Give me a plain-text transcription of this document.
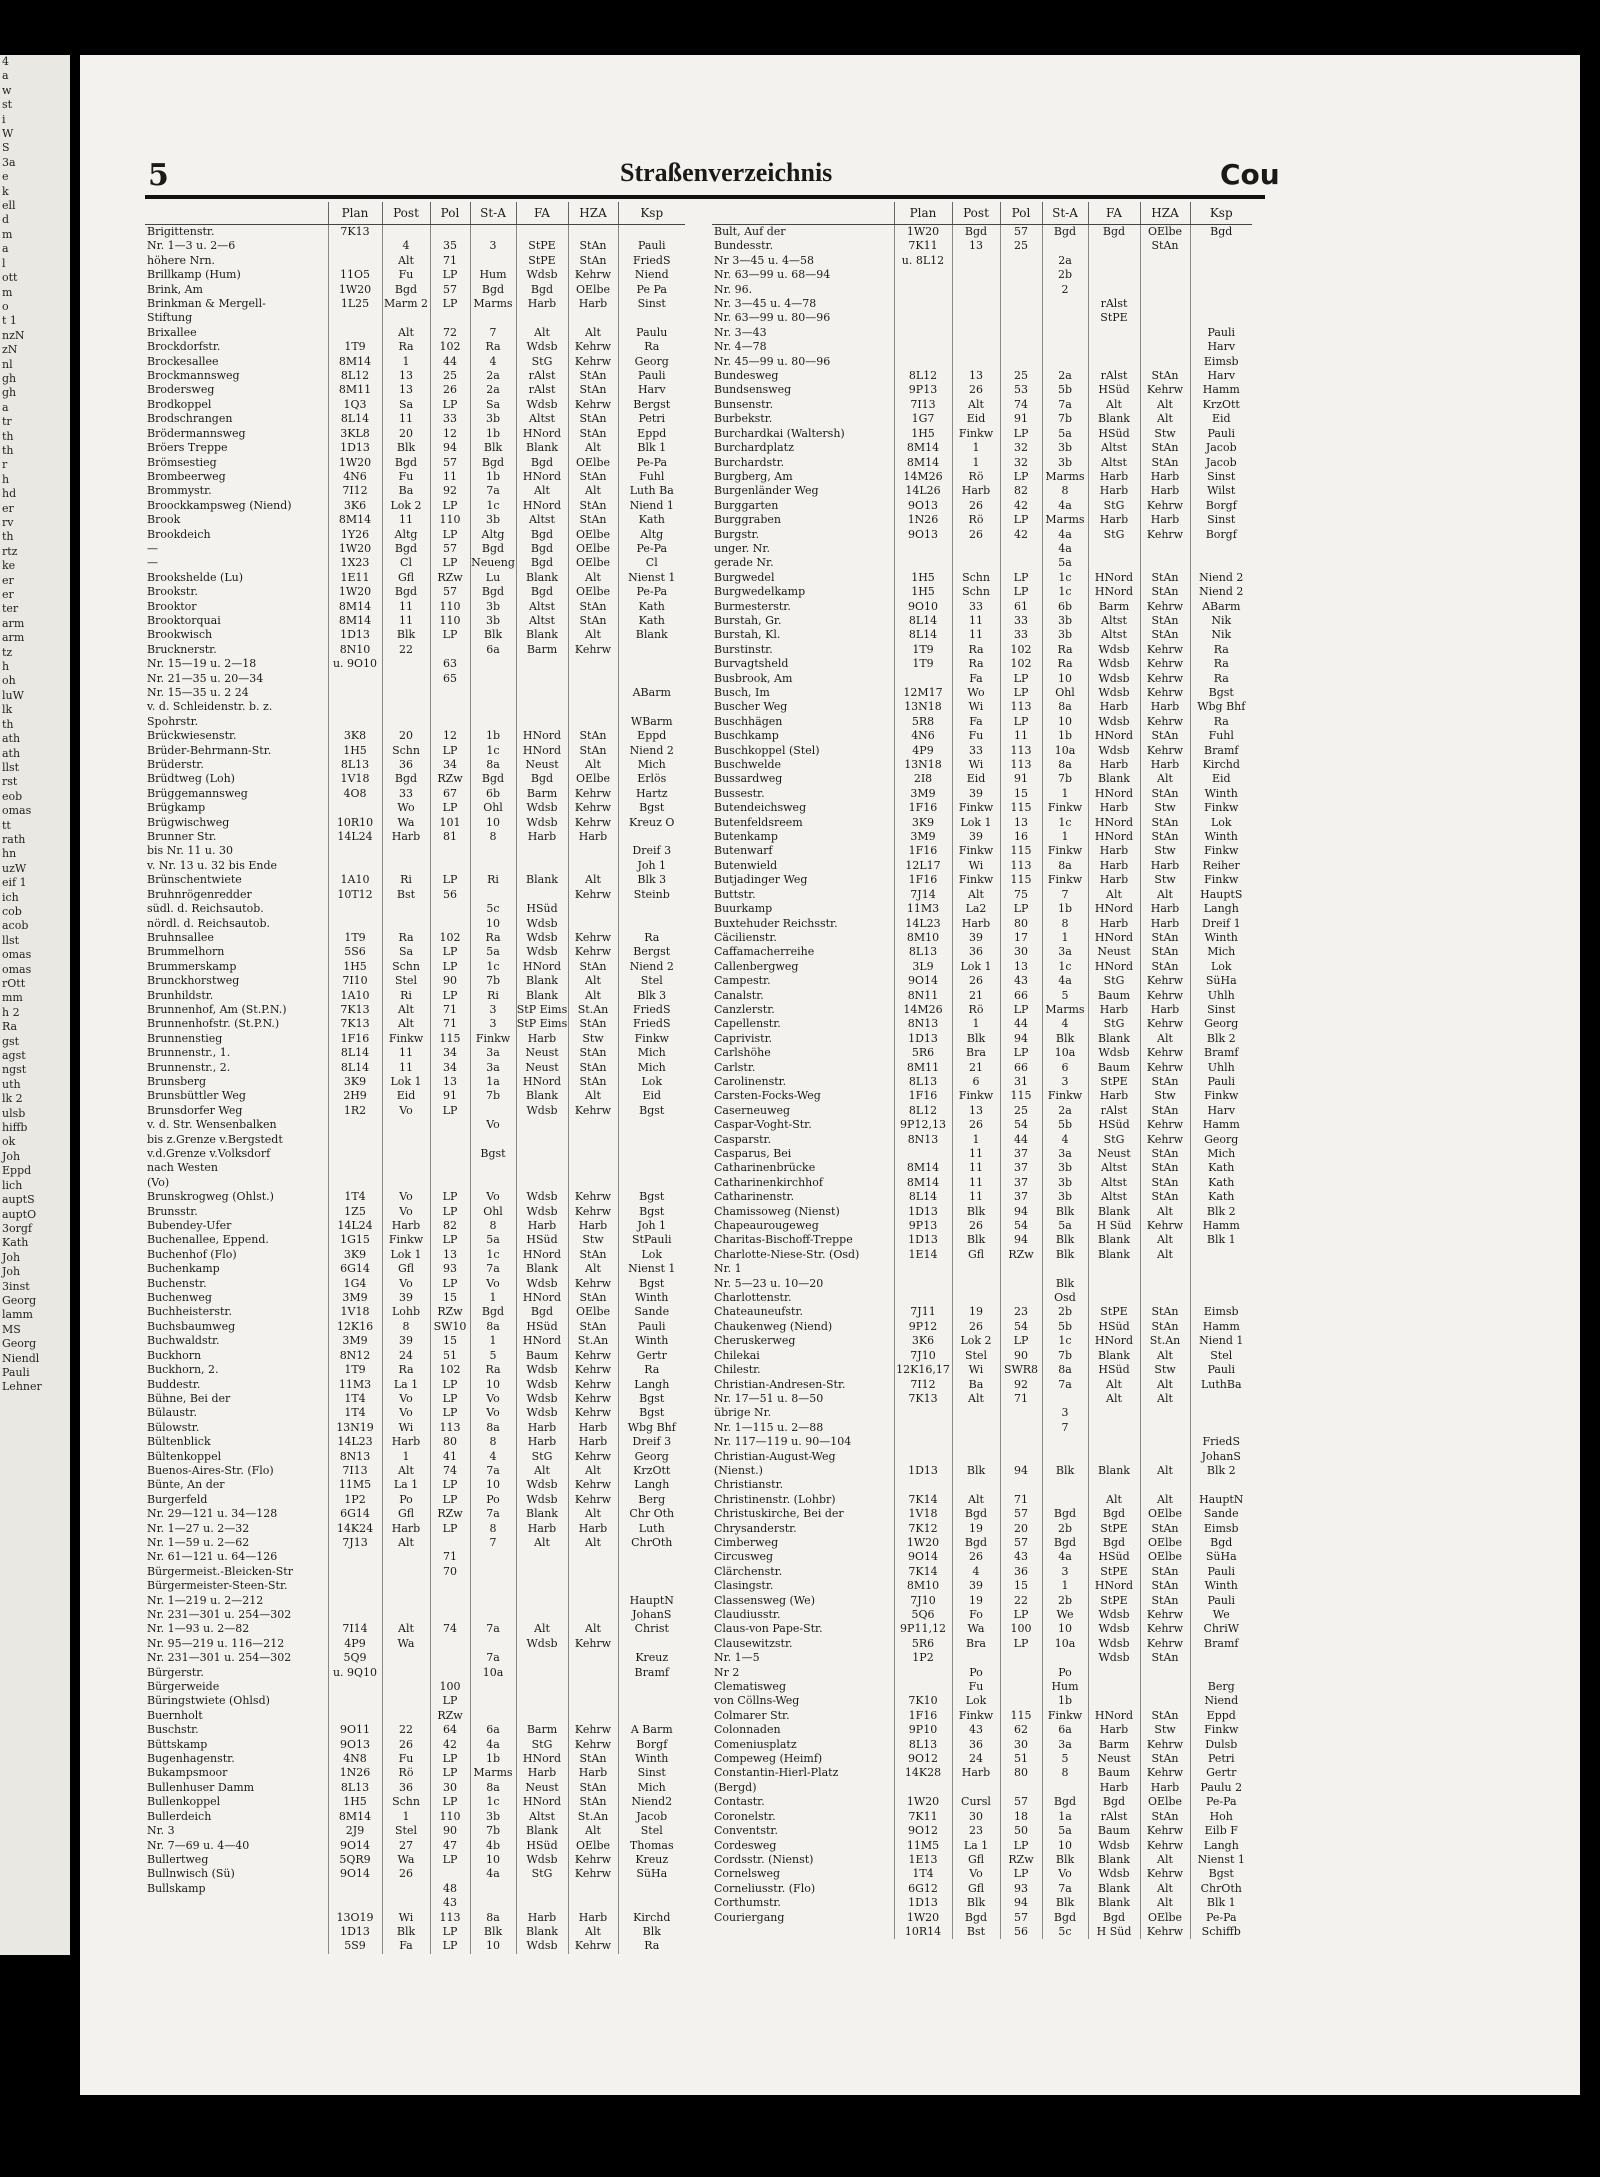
4
a
w
st
i
W
S
3a
e
k
ell
d
m
a
l
ott
m
o
t 1
nzN
zN
nl
gh
gh
a
tr
th
th
r
h
hd
er
rv
th
rtz
ke
er
er
ter
arm
arm
tz
h
oh
luW
lk
th
ath
ath
llst
rst
eob
omas
tt
rath
hn
uzW
eif 1
ich
cob
acob
llst
omas
omas
rOtt
mm
h 2
Ra
gst
agst
ngst
uth
lk 2
ulsb
hiffb
ok
Joh
Eppd
lich
auptS
auptO
3orgf
Kath
Joh
Joh
3inst
Georg
lamm
MS
Georg
Niendl
Pauli
Lehner
5	Straßenverzeichnis	Cou
	Plan	Post	Pol	St-A	FA	HZA	Ksp
Brigittenstr.	7K13						
Nr. 1—3 u. 2—6		4	35	3	StPE	StAn	Pauli
höhere Nrn.		Alt	71		StPE	StAn	FriedS
Brillkamp (Hum)	11O5	Fu	LP	Hum	Wdsb	Kehrw	Niend
Brink, Am	1W20	Bgd	57	Bgd	Bgd	OElbe	Pe Pa
Brinkman & Mergell-	1L25	Marm 2	LP	Marms	Harb	Harb	Sinst
Stiftung							
Brixallee		Alt	72	7	Alt	Alt	Paulu
Brockdorfstr.	1T9	Ra	102	Ra	Wdsb	Kehrw	Ra
Brockesallee	8M14	1	44	4	StG	Kehrw	Georg
Brockmannsweg	8L12	13	25	2a	rAlst	StAn	Pauli
Brodersweg	8M11	13	26	2a	rAlst	StAn	Harv
Brodkoppel	1Q3	Sa	LP	Sa	Wdsb	Kehrw	Bergst
Brodschrangen	8L14	11	33	3b	Altst	StAn	Petri
Brödermannsweg	3KL8	20	12	1b	HNord	StAn	Eppd
Bröers Treppe	1D13	Blk	94	Blk	Blank	Alt	Blk 1
Brömsestieg	1W20	Bgd	57	Bgd	Bgd	OElbe	Pe-Pa
Brombeerweg	4N6	Fu	11	1b	HNord	StAn	Fuhl
Brommystr.	7I12	Ba	92	7a	Alt	Alt	Luth Ba
Broockkampsweg (Niend)	3K6	Lok 2	LP	1c	HNord	StAn	Niend 1
Brook	8M14	11	110	3b	Altst	StAn	Kath
Brookdeich	1Y26	Altg	LP	Altg	Bgd	OElbe	Altg
—	1W20	Bgd	57	Bgd	Bgd	OElbe	Pe-Pa
—	1X23	Cl	LP	Neueng	Bgd	OElbe	Cl
Brookshelde (Lu)	1E11	Gfl	RZw	Lu	Blank	Alt	Nienst 1
Brookstr.	1W20	Bgd	57	Bgd	Bgd	OElbe	Pe-Pa
Brooktor	8M14	11	110	3b	Altst	StAn	Kath
Brooktorquai	8M14	11	110	3b	Altst	StAn	Kath
Brookwisch	1D13	Blk	LP	Blk	Blank	Alt	Blank
Brucknerstr.	8N10	22		6a	Barm	Kehrw	
Nr. 15—19 u. 2—18	u. 9O10		63				
Nr. 21—35 u. 20—34			65				
Nr. 15—35 u. 2 24							ABarm
v. d. Schleidenstr. b. z.							
Spohrstr.							WBarm
Brückwiesenstr.	3K8	20	12	1b	HNord	StAn	Eppd
Brüder-Behrmann-Str.	1H5	Schn	LP	1c	HNord	StAn	Niend 2
Brüderstr.	8L13	36	34	8a	Neust	Alt	Mich
Brüdtweg (Loh)	1V18	Bgd	RZw	Bgd	Bgd	OElbe	Erlös
Brüggemannsweg	4O8	33	67	6b	Barm	Kehrw	Hartz
Brügkamp		Wo	LP	Ohl	Wdsb	Kehrw	Bgst
Brügwischweg	10R10	Wa	101	10	Wdsb	Kehrw	Kreuz O
Brunner Str.	14L24	Harb	81	8	Harb	Harb	
bis Nr. 11 u. 30							Dreif 3
v. Nr. 13 u. 32 bis Ende							Joh 1
Brünschentwiete	1A10	Ri	LP	Ri	Blank	Alt	Blk 3
Bruhnrögenredder	10T12	Bst	56			Kehrw	Steinb
südl. d. Reichsautob.				5c	HSüd		
nördl. d. Reichsautob.				10	Wdsb		
Bruhnsallee	1T9	Ra	102	Ra	Wdsb	Kehrw	Ra
Brummelhorn	5S6	Sa	LP	5a	Wdsb	Kehrw	Bergst
Brummerskamp	1H5	Schn	LP	1c	HNord	StAn	Niend 2
Brunckhorstweg	7I10	Stel	90	7b	Blank	Alt	Stel
Brunhildstr.	1A10	Ri	LP	Ri	Blank	Alt	Blk 3
Brunnenhof, Am (St.P.N.)	7K13	Alt	71	3	StP Eims	St.An	FriedS
Brunnenhofstr. (St.P.N.)	7K13	Alt	71	3	StP Eims	StAn	FriedS
Brunnenstieg	1F16	Finkw	115	Finkw	Harb	Stw	Finkw
Brunnenstr., 1.	8L14	11	34	3a	Neust	StAn	Mich
Brunnenstr., 2.	8L14	11	34	3a	Neust	StAn	Mich
Brunsberg	3K9	Lok 1	13	1a	HNord	StAn	Lok
Brunsbüttler Weg	2H9	Eid	91	7b	Blank	Alt	Eid
Brunsdorfer Weg	1R2	Vo	LP		Wdsb	Kehrw	Bgst
v. d. Str. Wensenbalken				Vo			
bis z.Grenze v.Bergstedt							
v.d.Grenze v.Volksdorf				Bgst			
nach Westen							
(Vo)							
Brunskrogweg (Ohlst.)	1T4	Vo	LP	Vo	Wdsb	Kehrw	Bgst
Brunsstr.	1Z5	Vo	LP	Ohl	Wdsb	Kehrw	Bgst
Bubendey-Ufer	14L24	Harb	82	8	Harb	Harb	Joh 1
Buchenallee, Eppend.	1G15	Finkw	LP	5a	HSüd	Stw	StPauli
Buchenhof (Flo)	3K9	Lok 1	13	1c	HNord	StAn	Lok
Buchenkamp	6G14	Gfl	93	7a	Blank	Alt	Nienst 1
Buchenstr.	1G4	Vo	LP	Vo	Wdsb	Kehrw	Bgst
Buchenweg	3M9	39	15	1	HNord	StAn	Winth
Buchheisterstr.	1V18	Lohb	RZw	Bgd	Bgd	OElbe	Sande
Buchsbaumweg	12K16	8	SW10	8a	HSüd	StAn	Pauli
Buchwaldstr.	3M9	39	15	1	HNord	St.An	Winth
Buckhorn	8N12	24	51	5	Baum	Kehrw	Gertr
Buckhorn, 2.	1T9	Ra	102	Ra	Wdsb	Kehrw	Ra
Buddestr.	11M3	La 1	LP	10	Wdsb	Kehrw	Langh
Bühne, Bei der	1T4	Vo	LP	Vo	Wdsb	Kehrw	Bgst
Bülaustr.	1T4	Vo	LP	Vo	Wdsb	Kehrw	Bgst
Bülowstr.	13N19	Wi	113	8a	Harb	Harb	Wbg Bhf
Bültenblick	14L23	Harb	80	8	Harb	Harb	Dreif 3
Bültenkoppel	8N13	1	41	4	StG	Kehrw	Georg
Buenos-Aires-Str. (Flo)	7I13	Alt	74	7a	Alt	Alt	KrzOtt
Bünte, An der	11M5	La 1	LP	10	Wdsb	Kehrw	Langh
Burgerfeld	1P2	Po	LP	Po	Wdsb	Kehrw	Berg
Nr. 29—121 u. 34—128	6G14	Gfl	RZw	7a	Blank	Alt	Chr Oth
Nr. 1—27 u. 2—32	14K24	Harb	LP	8	Harb	Harb	Luth
Nr. 1—59 u. 2—62	7J13	Alt		7	Alt	Alt	ChrOth
Nr. 61—121 u. 64—126			71				
Bürgermeist.-Bleicken-Str			70				
Bürgermeister-Steen-Str.							
Nr. 1—219 u. 2—212							HauptN
Nr. 231—301 u. 254—302							JohanS
Nr. 1—93 u. 2—82	7I14	Alt	74	7a	Alt	Alt	Christ
Nr. 95—219 u. 116—212	4P9	Wa			Wdsb	Kehrw	
Nr. 231—301 u. 254—302	5Q9			7a			Kreuz
Bürgerstr.	u. 9Q10			10a			Bramf
Bürgerweide			100				
Büringstwiete (Ohlsd)			LP				
Buernholt			RZw				
Buschstr.	9O11	22	64	6a	Barm	Kehrw	A Barm
Büttskamp	9O13	26	42	4a	StG	Kehrw	Borgf
Bugenhagenstr.	4N8	Fu	LP	1b	HNord	StAn	Winth
Bukampsmoor	1N26	Rö	LP	Marms	Harb	Harb	Sinst
Bullenhuser Damm	8L13	36	30	8a	Neust	StAn	Mich
Bullenkoppel	1H5	Schn	LP	1c	HNord	StAn	Niend2
Bullerdeich	8M14	1	110	3b	Altst	St.An	Jacob
Nr. 3	2J9	Stel	90	7b	Blank	Alt	Stel
Nr. 7—69 u. 4—40	9O14	27	47	4b	HSüd	OElbe	Thomas
Bullertweg	5QR9	Wa	LP	10	Wdsb	Kehrw	Kreuz
Bullnwisch (Sü)	9O14	26		4a	StG	Kehrw	SüHa
Bullskamp			48				
			43				
	13O19	Wi	113	8a	Harb	Harb	Kirchd
	1D13	Blk	LP	Blk	Blank	Alt	Blk
	5S9	Fa	LP	10	Wdsb	Kehrw	Ra
	Plan	Post	Pol	St-A	FA	HZA	Ksp
Bult, Auf der	1W20	Bgd	57	Bgd	Bgd	OElbe	Bgd
Bundesstr.	7K11	13	25			StAn	
Nr 3—45 u. 4—58	u. 8L12			2a			
Nr. 63—99 u. 68—94				2b			
Nr. 96.				2			
Nr. 3—45 u. 4—78					rAlst		
Nr. 63—99 u. 80—96					StPE		
Nr. 3—43							Pauli
Nr. 4—78							Harv
Nr. 45—99 u. 80—96							Eimsb
Bundesweg	8L12	13	25	2a	rAlst	StAn	Harv
Bundsensweg	9P13	26	53	5b	HSüd	Kehrw	Hamm
Bunsenstr.	7I13	Alt	74	7a	Alt	Alt	KrzOtt
Burbekstr.	1G7	Eid	91	7b	Blank	Alt	Eid
Burchardkai (Waltersh)	1H5	Finkw	LP	5a	HSüd	Stw	Pauli
Burchardplatz	8M14	1	32	3b	Altst	StAn	Jacob
Burchardstr.	8M14	1	32	3b	Altst	StAn	Jacob
Burgberg, Am	14M26	Rö	LP	Marms	Harb	Harb	Sinst
Burgenländer Weg	14L26	Harb	82	8	Harb	Harb	Wilst
Burggarten	9O13	26	42	4a	StG	Kehrw	Borgf
Burggraben	1N26	Rö	LP	Marms	Harb	Harb	Sinst
Burgstr.	9O13	26	42	4a	StG	Kehrw	Borgf
unger. Nr.				4a			
gerade Nr.				5a			
Burgwedel	1H5	Schn	LP	1c	HNord	StAn	Niend 2
Burgwedelkamp	1H5	Schn	LP	1c	HNord	StAn	Niend 2
Burmesterstr.	9O10	33	61	6b	Barm	Kehrw	ABarm
Burstah, Gr.	8L14	11	33	3b	Altst	StAn	Nik
Burstah, Kl.	8L14	11	33	3b	Altst	StAn	Nik
Burstinstr.	1T9	Ra	102	Ra	Wdsb	Kehrw	Ra
Burvagtsheld	1T9	Ra	102	Ra	Wdsb	Kehrw	Ra
Busbrook, Am		Fa	LP	10	Wdsb	Kehrw	Ra
Busch, Im	12M17	Wo	LP	Ohl	Wdsb	Kehrw	Bgst
Buscher Weg	13N18	Wi	113	8a	Harb	Harb	Wbg Bhf
Buschhägen	5R8	Fa	LP	10	Wdsb	Kehrw	Ra
Buschkamp	4N6	Fu	11	1b	HNord	StAn	Fuhl
Buschkoppel (Stel)	4P9	33	113	10a	Wdsb	Kehrw	Bramf
Buschwelde	13N18	Wi	113	8a	Harb	Harb	Kirchd
Bussardweg	2I8	Eid	91	7b	Blank	Alt	Eid
Bussestr.	3M9	39	15	1	HNord	StAn	Winth
Butendeichsweg	1F16	Finkw	115	Finkw	Harb	Stw	Finkw
Butenfeldsreem	3K9	Lok 1	13	1c	HNord	StAn	Lok
Butenkamp	3M9	39	16	1	HNord	StAn	Winth
Butenwarf	1F16	Finkw	115	Finkw	Harb	Stw	Finkw
Butenwield	12L17	Wi	113	8a	Harb	Harb	Reiher
Butjadinger Weg	1F16	Finkw	115	Finkw	Harb	Stw	Finkw
Buttstr.	7J14	Alt	75	7	Alt	Alt	HauptS
Buurkamp	11M3	La2	LP	1b	HNord	Harb	Langh
Buxtehuder Reichsstr.	14L23	Harb	80	8	Harb	Harb	Dreif 1
Cäcilienstr.	8M10	39	17	1	HNord	StAn	Winth
Caffamacherreihe	8L13	36	30	3a	Neust	StAn	Mich
Callenbergweg	3L9	Lok 1	13	1c	HNord	StAn	Lok
Campestr.	9O14	26	43	4a	StG	Kehrw	SüHa
Canalstr.	8N11	21	66	5	Baum	Kehrw	Uhlh
Canzlerstr.	14M26	Rö	LP	Marms	Harb	Harb	Sinst
Capellenstr.	8N13	1	44	4	StG	Kehrw	Georg
Caprivistr.	1D13	Blk	94	Blk	Blank	Alt	Blk 2
Carlshöhe	5R6	Bra	LP	10a	Wdsb	Kehrw	Bramf
Carlstr.	8M11	21	66	6	Baum	Kehrw	Uhlh
Carolinenstr.	8L13	6	31	3	StPE	StAn	Pauli
Carsten-Focks-Weg	1F16	Finkw	115	Finkw	Harb	Stw	Finkw
Caserneuweg	8L12	13	25	2a	rAlst	StAn	Harv
Caspar-Voght-Str.	9P12,13	26	54	5b	HSüd	Kehrw	Hamm
Casparstr.	8N13	1	44	4	StG	Kehrw	Georg
Casparus, Bei		11	37	3a	Neust	StAn	Mich
Catharinenbrücke	8M14	11	37	3b	Altst	StAn	Kath
Catharinenkirchhof	8M14	11	37	3b	Altst	StAn	Kath
Catharinenstr.	8L14	11	37	3b	Altst	StAn	Kath
Chamissoweg (Nienst)	1D13	Blk	94	Blk	Blank	Alt	Blk 2
Chapeaurougeweg	9P13	26	54	5a	H Süd	Kehrw	Hamm
Charitas-Bischoff-Treppe	1D13	Blk	94	Blk	Blank	Alt	Blk 1
Charlotte-Niese-Str. (Osd)	1E14	Gfl	RZw	Blk	Blank	Alt	
Nr. 1							
Nr. 5—23 u. 10—20				Blk			
Charlottenstr.				Osd			
Chateauneufstr.	7J11	19	23	2b	StPE	StAn	Eimsb
Chaukenweg (Niend)	9P12	26	54	5b	HSüd	StAn	Hamm
Cheruskerweg	3K6	Lok 2	LP	1c	HNord	St.An	Niend 1
Chilekai	7J10	Stel	90	7b	Blank	Alt	Stel
Chilestr.	12K16,17	Wi	SWR8	8a	HSüd	Stw	Pauli
Christian-Andresen-Str.	7I12	Ba	92	7a	Alt	Alt	LuthBa
Nr. 17—51 u. 8—50	7K13	Alt	71		Alt	Alt	
übrige Nr.				3			
Nr. 1—115 u. 2—88				7			
Nr. 117—119 u. 90—104							FriedS
Christian-August-Weg							JohanS
(Nienst.)	1D13	Blk	94	Blk	Blank	Alt	Blk 2
Christianstr.							
Christinenstr. (Lohbr)	7K14	Alt	71		Alt	Alt	HauptN
Christuskirche, Bei der	1V18	Bgd	57	Bgd	Bgd	OElbe	Sande
Chrysanderstr.	7K12	19	20	2b	StPE	StAn	Eimsb
Cimberweg	1W20	Bgd	57	Bgd	Bgd	OElbe	Bgd
Circusweg	9O14	26	43	4a	HSüd	OElbe	SüHa
Clärchenstr.	7K14	4	36	3	StPE	StAn	Pauli
Clasingstr.	8M10	39	15	1	HNord	StAn	Winth
Classensweg (We)	7J10	19	22	2b	StPE	StAn	Pauli
Claudiusstr.	5Q6	Fo	LP	We	Wdsb	Kehrw	We
Claus-von Pape-Str.	9P11,12	Wa	100	10	Wdsb	Kehrw	ChriW
Clausewitzstr.	5R6	Bra	LP	10a	Wdsb	Kehrw	Bramf
Nr. 1—5	1P2				Wdsb	StAn	
Nr 2		Po		Po			
Clematisweg		Fu		Hum			Berg
von Cöllns-Weg	7K10	Lok		1b			Niend
Colmarer Str.	1F16	Finkw	115	Finkw	HNord	StAn	Eppd
Colonnaden	9P10	43	62	6a	Harb	Stw	Finkw
Comeniusplatz	8L13	36	30	3a	Barm	Kehrw	Dulsb
Compeweg (Heimf)	9O12	24	51	5	Neust	StAn	Petri
Constantin-Hierl-Platz	14K28	Harb	80	8	Baum	Kehrw	Gertr
(Bergd)					Harb	Harb	Paulu 2
Contastr.	1W20	Cursl	57	Bgd	Bgd	OElbe	Pe-Pa
Coronelstr.	7K11	30	18	1a	rAlst	StAn	Hoh
Conventstr.	9O12	23	50	5a	Baum	Kehrw	Eilb F
Cordesweg	11M5	La 1	LP	10	Wdsb	Kehrw	Langh
Cordsstr. (Nienst)	1E13	Gfl	RZw	Blk	Blank	Alt	Nienst 1
Cornelsweg	1T4	Vo	LP	Vo	Wdsb	Kehrw	Bgst
Corneliusstr. (Flo)	6G12	Gfl	93	7a	Blank	Alt	ChrOth
Corthumstr.	1D13	Blk	94	Blk	Blank	Alt	Blk 1
Couriergang	1W20	Bgd	57	Bgd	Bgd	OElbe	Pe-Pa
	10R14	Bst	56	5c	H Süd	Kehrw	Schiffb
